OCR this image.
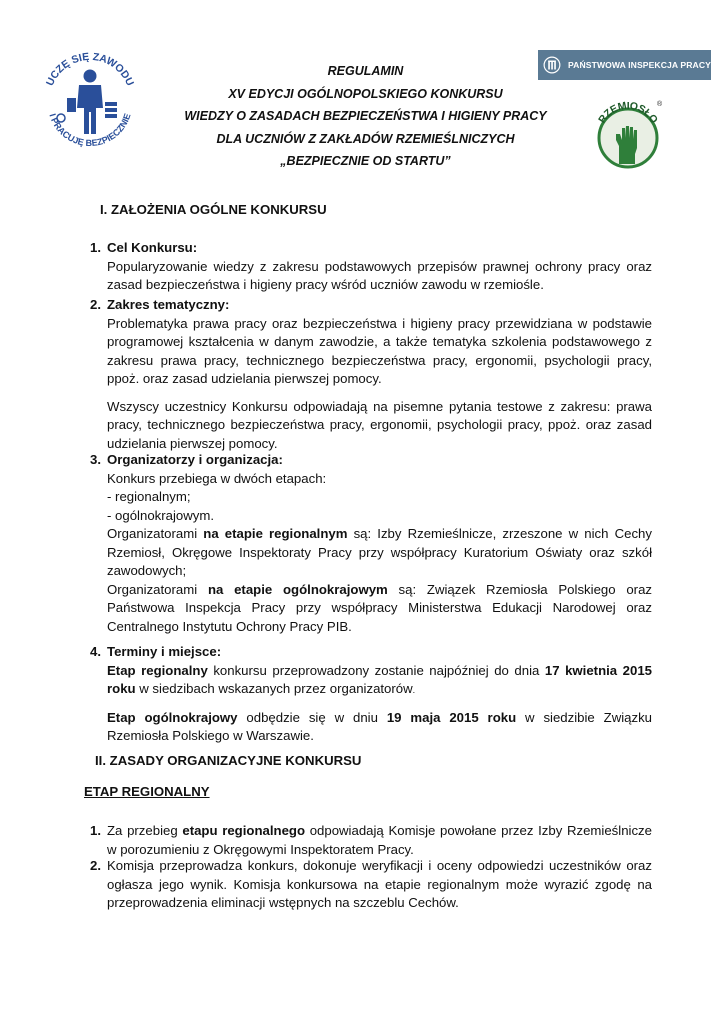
UCZĘ SIĘ ZAWODU
I PRACUJĘ BEZPIECZNIE
REGULAMIN
XV EDYCJI OGÓLNOPOLSKIEGO KONKURSU
WIEDZY O ZASADACH BEZPIECZEŃSTWA I HIGIENY PRACY
DLA UCZNIÓW Z ZAKŁADÓW RZEMIEŚLNICZYCH
„BEZPIECZNIE OD STARTU”
PAŃSTWOWA INSPEKCJA PRACY
RZEMIOSŁO
®
I. ZAŁOŻENIA OGÓLNE KONKURSU
1. Cel Konkursu:

Popularyzowanie wiedzy z zakresu podstawowych przepisów prawnej ochrony pracy oraz zasad bezpieczeństwa i higieny pracy wśród uczniów zawodu w rzemiośle.

2. Zakres tematyczny:

Problematyka prawa pracy oraz bezpieczeństwa i higieny pracy przewidziana w podstawie programowej kształcenia w danym zawodzie, a także tematyka szkolenia podstawowego z zakresu prawa pracy, technicznego bezpieczeństwa pracy, ergonomii, psychologii pracy, ppoż. oraz zasad udzielania pierwszej pomocy.

Wszyscy uczestnicy Konkursu odpowiadają na pisemne pytania testowe z zakresu: prawa pracy, technicznego bezpieczeństwa pracy, ergonomii, psychologii pracy, ppoż. oraz zasad udzielania pierwszej pomocy.

3. Organizatorzy i organizacja:

Konkurs przebiega w dwóch etapach:

- regionalnym;

- ogólnokrajowym.

Organizatorami na etapie regionalnym są: Izby Rzemieślnicze, zrzeszone w nich Cechy Rzemiosł, Okręgowe Inspektoraty Pracy przy współpracy Kuratorium Oświaty oraz szkół zawodowych;

Organizatorami na etapie ogólnokrajowym są: Związek Rzemiosła Polskiego oraz Państwowa Inspekcja Pracy przy współpracy Ministerstwa Edukacji Narodowej oraz Centralnego Instytutu Ochrony Pracy PIB.

4. Terminy i miejsce:

Etap regionalny konkursu przeprowadzony zostanie najpóźniej do dnia 17 kwietnia 2015 roku w siedzibach wskazanych przez organizatorów.

Etap ogólnokrajowy odbędzie się w dniu 19 maja 2015 roku w siedzibie Związku Rzemiosła Polskiego w Warszawie.

II. ZASADY ORGANIZACYJNE KONKURSU
ETAP REGIONALNY
1. Za przebieg etapu regionalnego odpowiadają Komisje powołane przez Izby Rzemieślnicze w porozumieniu z Okręgowymi Inspektoratem Pracy.

2. Komisja przeprowadza konkurs, dokonuje weryfikacji i oceny odpowiedzi uczestników oraz ogłasza jego wynik. Komisja konkursowa na etapie regionalnym może wyrazić zgodę na przeprowadzenia eliminacji wstępnych na szczeblu Cechów.
